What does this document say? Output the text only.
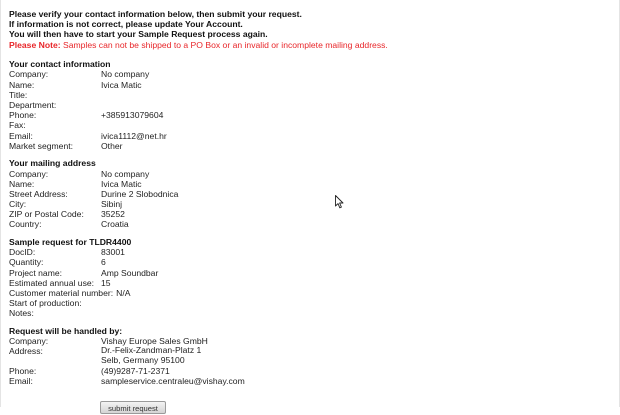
Please verify your contact information below, then submit your request.
If information is not correct, please update Your Account.
You will then have to start your Sample Request process again.
Please Note: Samples can not be shipped to a PO Box or an invalid or incomplete mailing address.
Your contact information
Company:	No company
Name:	Ivica Matic
Title:
Department:
Phone:	+385913079604
Fax:
Email:	ivica1112@net.hr
Market segment:	Other
Your mailing address
Company:	No company
Name:	Ivica Matic
Street Address:	Durine 2 Slobodnica
City:	Sibinj
ZIP or Postal Code:	35252
Country:	Croatia
Sample request for TLDR4400
DocID:	83001
Quantity:	6
Project name:	Amp Soundbar
Estimated annual use: 15
Customer material number: N/A
Start of production:
Notes:
Request will be handled by:
Company:	Vishay Europe Sales GmbH
Address:	Dr.-Felix-Zandman-Platz 1
Selb, Germany 95100
Phone:	(49)9287-71-2371
Email:	sampleservice.centraleu@vishay.com
submit request
